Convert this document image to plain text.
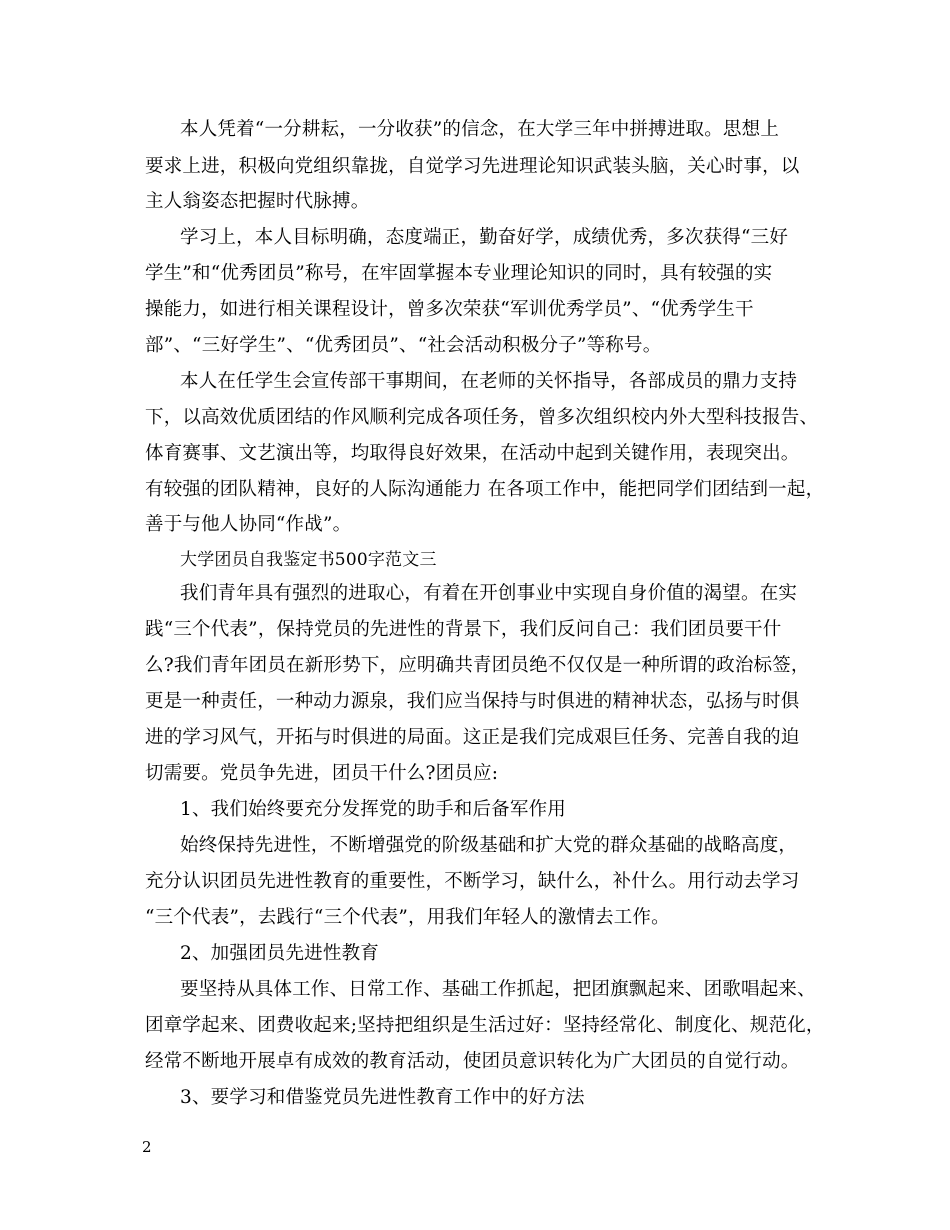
本人凭着“一分耕耘，一分收获”的信念，在大学三年中拼搏进取。思想上
要求上进，积极向党组织靠拢，自觉学习先进理论知识武装头脑，关心时事，以
主人翁姿态把握时代脉搏。
学习上，本人目标明确，态度端正，勤奋好学，成绩优秀，多次获得“三好
学生”和“优秀团员”称号，在牢固掌握本专业理论知识的同时，具有较强的实
操能力，如进行相关课程设计，曾多次荣获“军训优秀学员”、“优秀学生干
部”、“三好学生”、“优秀团员”、“社会活动积极分子”等称号。
本人在任学生会宣传部干事期间，在老师的关怀指导，各部成员的鼎力支持
下，以高效优质团结的作风顺利完成各项任务，曾多次组织校内外大型科技报告、
体育赛事、文艺演出等，均取得良好效果，在活动中起到关键作用，表现突出。
有较强的团队精神，良好的人际沟通能力 在各项工作中，能把同学们团结到一起，
善于与他人协同“作战”。
大学团员自我鉴定书500字范文三
我们青年具有强烈的进取心，有着在开创事业中实现自身价值的渴望。在实
践“三个代表”，保持党员的先进性的背景下，我们反问自己：我们团员要干什
么?我们青年团员在新形势下，应明确共青团员绝不仅仅是一种所谓的政治标签，
更是一种责任，一种动力源泉，我们应当保持与时俱进的精神状态，弘扬与时俱
进的学习风气，开拓与时俱进的局面。这正是我们完成艰巨任务、完善自我的迫
切需要。党员争先进，团员干什么?团员应:
1、我们始终要充分发挥党的助手和后备军作用
始终保持先进性，不断增强党的阶级基础和扩大党的群众基础的战略高度，
充分认识团员先进性教育的重要性，不断学习，缺什么，补什么。用行动去学习
“三个代表”，去践行“三个代表”，用我们年轻人的激情去工作。
2、加强团员先进性教育
要坚持从具体工作、日常工作、基础工作抓起，把团旗飘起来、团歌唱起来、
团章学起来、团费收起来;坚持把组织是生活过好：坚持经常化、制度化、规范化，
经常不断地开展卓有成效的教育活动，使团员意识转化为广大团员的自觉行动。
3、要学习和借鉴党员先进性教育工作中的好方法
2
